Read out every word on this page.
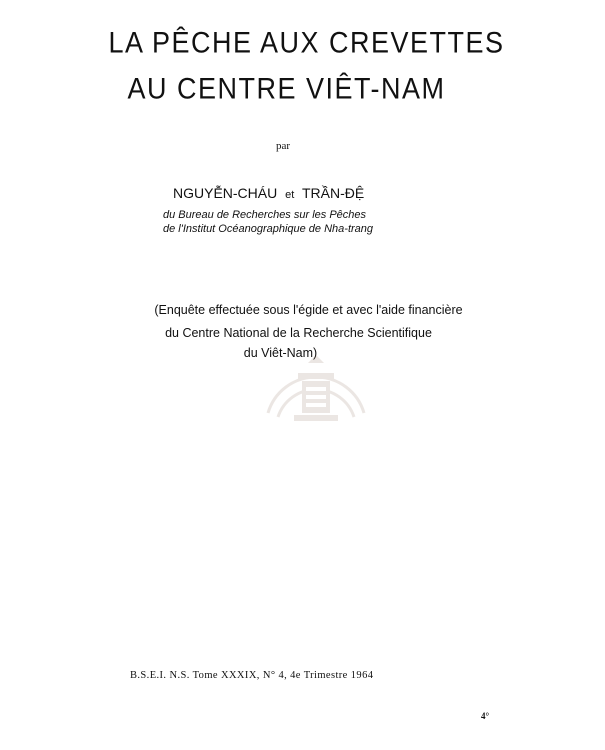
LA PÊCHE AUX CREVETTES
AU CENTRE VIÊT-NAM
par
NGUYỄN-CHÁU et TRẦN-ĐỆ
du Bureau de Recherches sur les Pêches
de l'Institut Océanographique de Nha-trang
(Enquête effectuée sous l'égide et avec l'aide financière
du Centre National de la Recherche Scientifique
du Viêt-Nam)
B.S.E.I. N.S. Tome XXXIX, N° 4, 4e Trimestre 1964
4°
